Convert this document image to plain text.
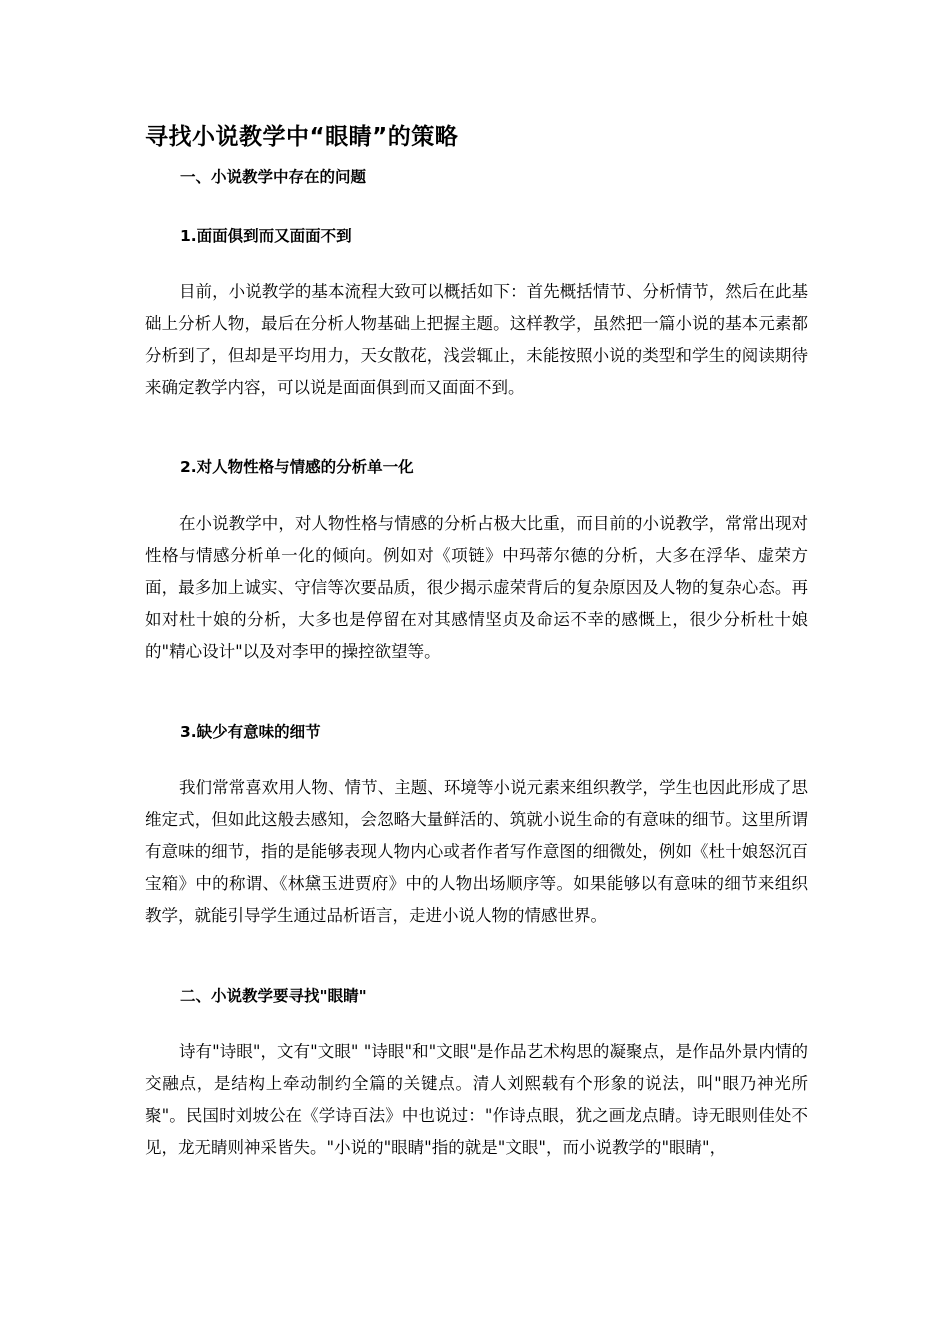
寻找小说教学中“眼睛”的策略
一、小说教学中存在的问题
1.面面俱到而又面面不到

目前，小说教学的基本流程大致可以概括如下：首先概括情节、分析情节，然后在此基础上分析人物，最后在分析人物基础上把握主题。这样教学，虽然把一篇小说的基本元素都分析到了，但却是平均用力，天女散花，浅尝辄止，未能按照小说的类型和学生的阅读期待 来确定教学内容，可以说是面面俱到而又面面不到。

2.对人物性格与情感的分析单一化

在小说教学中，对人物性格与情感的分析占极大比重，而目前的小说教学，常常出现对性格与情感分析单一化的倾向。例如对《项链》中玛蒂尔德的分析，大多在浮华、虚荣方面，最多加上诚实、守信等次要品质，很少揭示虚荣背后的复杂原因及人物的复杂心态。再如对杜十娘的分析，大多也是停留在对其感情坚贞及命运不幸的感慨上，很少分析杜十娘的"精心设计"以及对李甲的操控欲望等。

3.缺少有意味的细节

我们常常喜欢用人物、情节、主题、环境等小说元素来组织教学，学生也因此形成了思维定式，但如此这般去感知，会忽略大量鲜活的、筑就小说生命的有意味的细节。这里所谓有意味的细节，指的是能够表现人物内心或者作者写作意图的细微处，例如《杜十娘怒沉百宝箱》中的称谓、《林黛玉进贾府》中的人物出场顺序等。如果能够以有意味的细节来组织教学，就能引导学生通过品析语言，走进小说人物的情感世界。

二、小说教学要寻找"眼睛"

诗有"诗眼"，文有"文眼" "诗眼"和"文眼"是作品艺术构思的凝聚点，是作品外景内情的交融点，是结构上牵动制约全篇的关键点。清人刘熙载有个形象的说法，叫"眼乃神光所聚"。民国时刘坡公在《学诗百法》中也说过："作诗点眼，犹之画龙点睛。诗无眼则佳处不见，龙无睛则神采皆失。"小说的"眼睛"指的就是"文眼"，而小说教学的"眼睛"，
